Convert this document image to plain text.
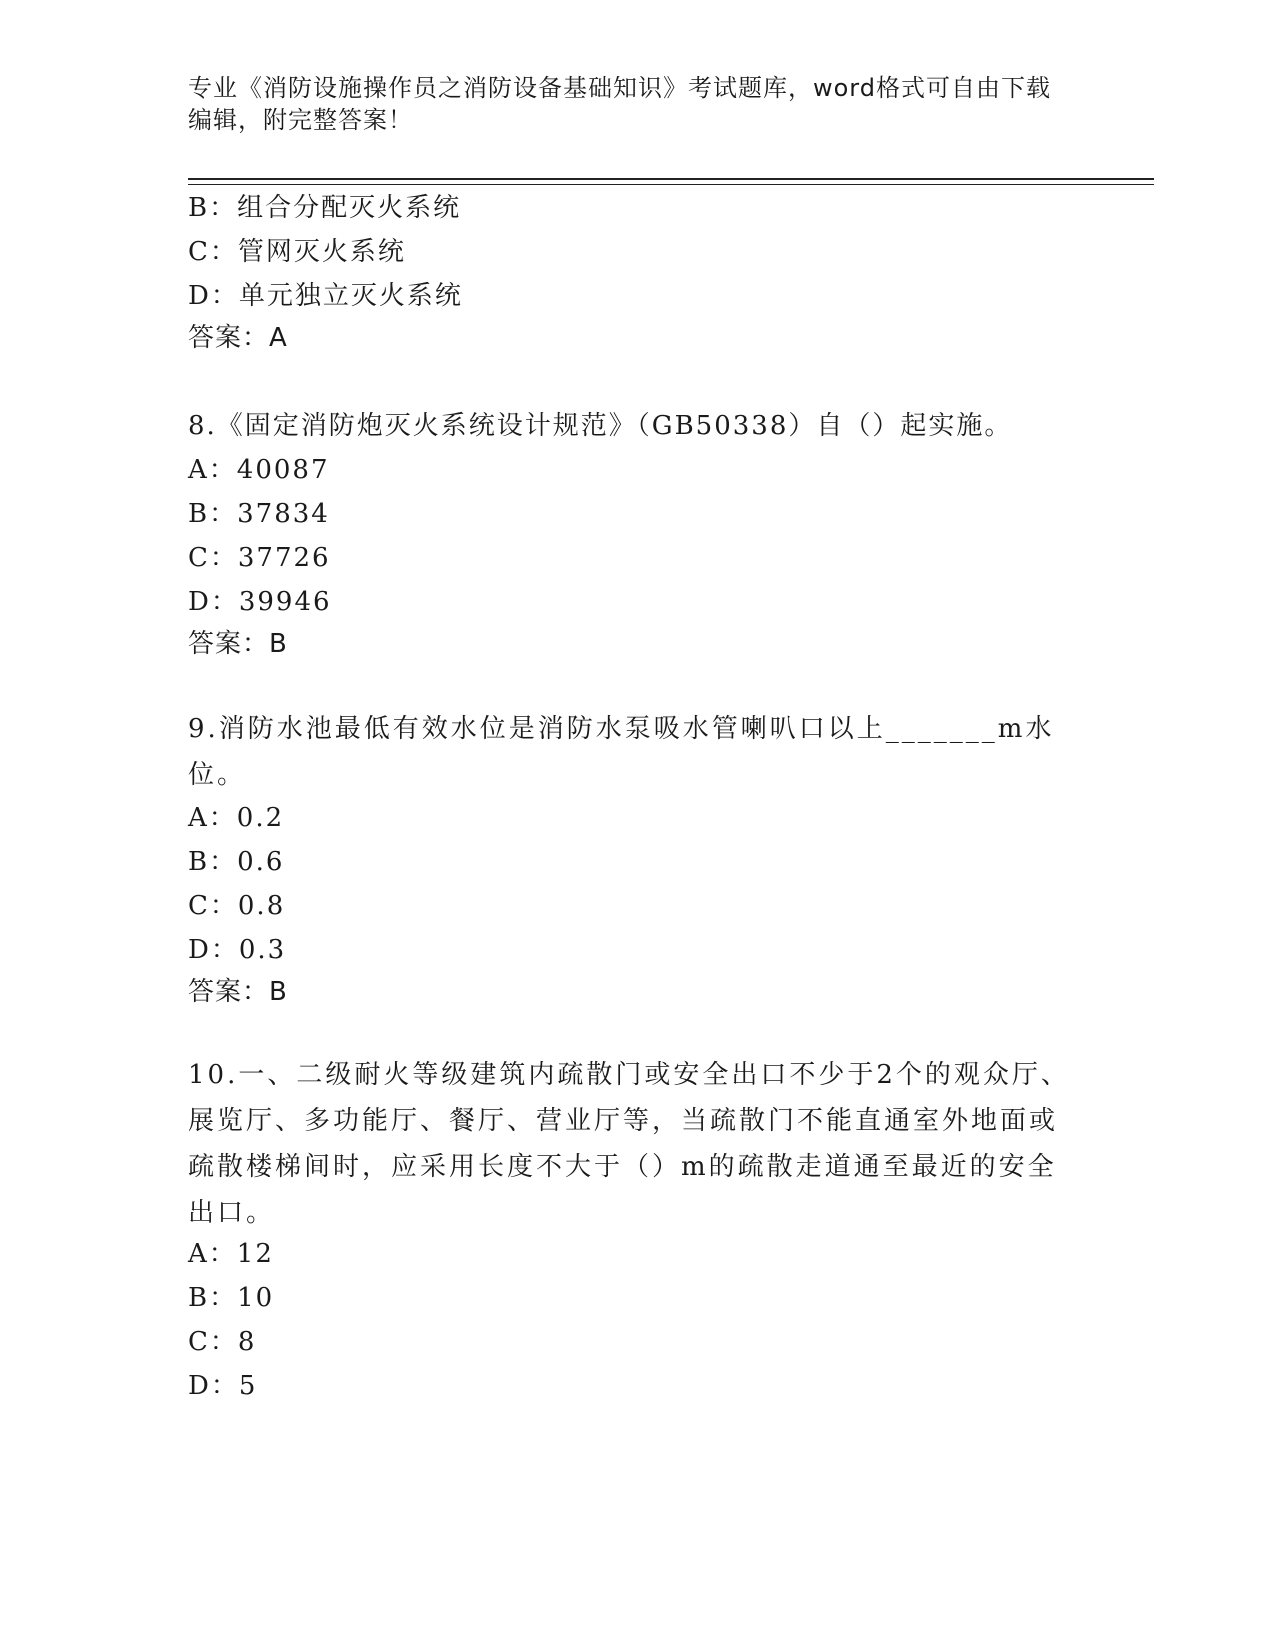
专业《消防设施操作员之消防设备基础知识》考试题库，word格式可自由下载编辑，附完整答案！
B：组合分配灭火系统
C：管网灭火系统
D：单元独立灭火系统
答案：A
8.《固定消防炮灭火系统设计规范》（GB50338）自（）起实施。
A：40087
B：37834
C：37726
D：39946
答案：B
9.消防水池最低有效水位是消防水泵吸水管喇叭口以上_______m水位。
A：0.2
B：0.6
C：0.8
D：0.3
答案：B
10.一、二级耐火等级建筑内疏散门或安全出口不少于2个的观众厅、展览厅、多功能厅、餐厅、营业厅等，当疏散门不能直通室外地面或疏散楼梯间时，应采用长度不大于（）m的疏散走道通至最近的安全出口。
A：12
B：10
C：8
D：5
